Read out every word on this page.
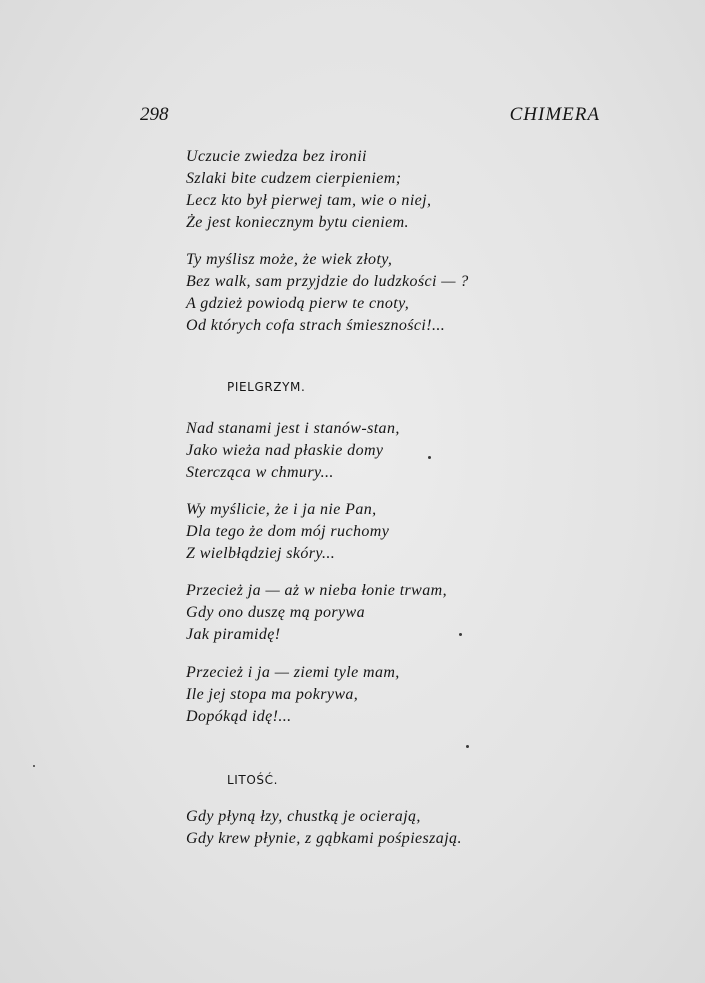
298	CHIMERA
Uczucie zwiedza bez ironii
Szlaki bite cudzem cierpieniem;
Lecz kto był pierwej tam, wie o niej,
Że jest koniecznym bytu cieniem.
Ty myślisz może, że wiek złoty,
Bez walk, sam przyjdzie do ludzkości — ?
A gdzież powiodą pierw te cnoty,
Od których cofa strach śmieszności!...
PIELGRZYM.
Nad stanami jest i stanów-stan,
Jako wieża nad płaskie domy
Stercząca w chmury...
Wy myślicie, że i ja nie Pan,
Dla tego że dom mój ruchomy
Z wielbłądziej skóry...
Przecież ja — aż w nieba łonie trwam,
Gdy ono duszę mą porywa
Jak piramidę!
Przecież i ja — ziemi tyle mam,
Ile jej stopa ma pokrywa,
Dopókąd idę!...
LITOŚĆ.
Gdy płyną łzy, chustką je ocierają,
Gdy krew płynie, z gąbkami pośpieszają.
